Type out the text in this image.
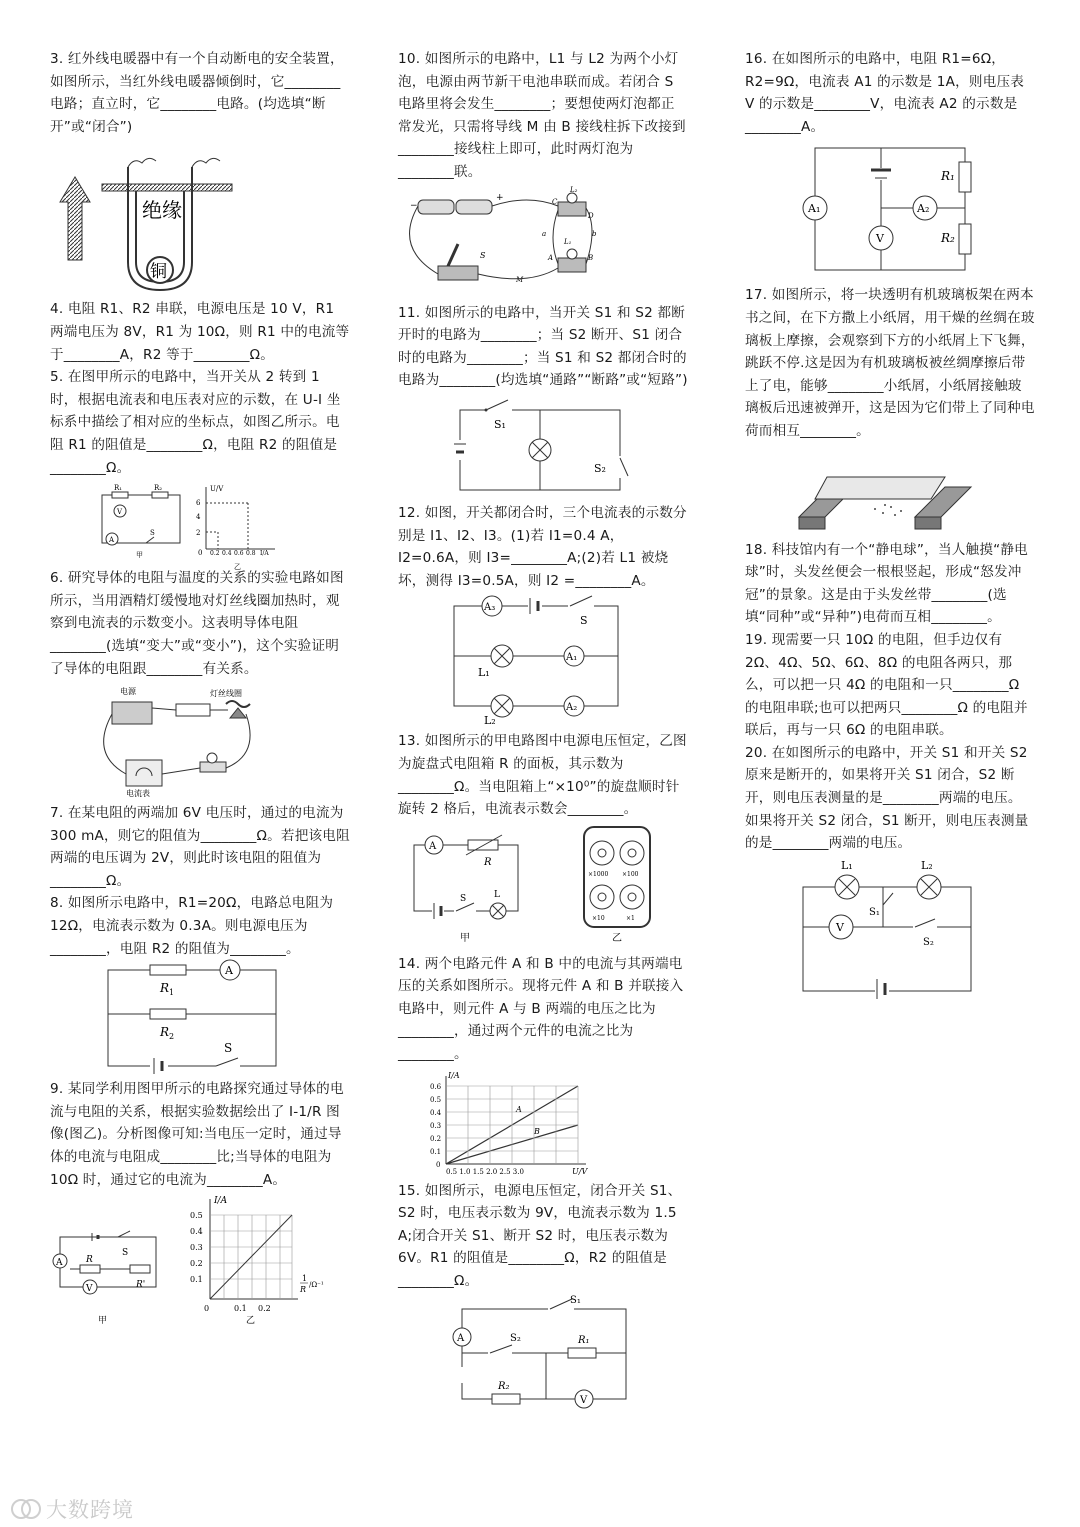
3. 红外线电暖器中有一个自动断电的安全装置，如图所示，当红外线电暖器倾倒时，它________电路；直立时，它________电路。(均选填“断开”或“闭合”)

绝缘
铜

4. 电阻 R1、R2 串联，电源电压是 10 V，R1 两端电压为 8V，R1 为 10Ω，则 R1 中的电流等于________A，R2 等于________Ω。

5. 在图甲所示的电路中，当开关从 2 转到 1 时，根据电流表和电压表对应的示数，在 U-I 坐标系中描绘了相对应的坐标点，如图乙所示。电阻 R1 的阻值是________Ω，电阻 R2 的阻值是________Ω。

R₁	R₂
V
A
S
甲
U/V
6
4
2
0 0.2 0.4 0.6 0.8 I/A
乙

6. 研究导体的电阻与温度的关系的实验电路如图所示，当用酒精灯缓慢地对灯丝线圈加热时，观察到电流表的示数变小。这表明导体电阻________(选填“变大”或“变小”)，这个实验证明了导体的电阻跟________有关系。

电源	灯丝线圈
电流表

7. 在某电阻的两端加 6V 电压时，通过的电流为 300 mA，则它的阻值为________Ω。若把该电阻两端的电压调为 2V，则此时该电阻的阻值为________Ω。

8. 如图所示电路中，R1=20Ω，电路总电阻为 12Ω，电流表示数为 0.3A。则电源电压为________，电阻 R2 的阻值为________。

R 1
A
R 2
S

9. 某同学利用图甲所示的电路探究通过导体的电流与电阻的关系，根据实验数据绘出了 I-1/R 图像(图乙)。分析图像可知:当电压一定时，通过导体的电流与电阻成________比;当导体的电阻为 10Ω 时，通过它的电流为________A。

S
A	R
R'
V
甲
I/A
0.5
0.4
0.3
0.2
0.1
0	0.1 0.2
1
R /Ω⁻¹
乙

10. 如图所示的电路中，L1 与 L2 为两个小灯泡，电源由两节新干电池串联而成。若闭合 S 电路里将会发生________；要想使两灯泡都正常发光，只需将导线 M 由 B 接线柱拆下改接到________接线柱上即可，此时两灯泡为________联。

−
+
L₂
L₁
S
C
D
A	B
a	b
M

11. 如图所示的电路中，当开关 S1 和 S2 都断开时的电路为________；当 S2 断开、S1 闭合时的电路为________；当 S1 和 S2 都闭合时的电路为________(均选填“通路”“断路”或“短路”)

S₁
S₂

12. 如图，开关都闭合时，三个电流表的示数分别是 I1、I2、I3。(1)若 I1=0.4 A，I2=0.6A，则 I3=________A;(2)若 L1 被烧坏，测得 I3=0.5A，则 I2 =________A。

A₃
S
L₁
A₁
L₂
A₂

13. 如图所示的甲电路图中电源电压恒定，乙图为旋盘式电阻箱 R 的面板，其示数为________Ω。当电阻箱上“×10⁰”的旋盘顺时针旋转 2 格后，电流表示数会________。

A
R
S	L
甲
×1000 ×100
×10	×1
乙

14. 两个电路元件 A 和 B 中的电流与其两端电压的关系如图所示。现将元件 A 和 B 并联接入电路中，则元件 A 与 B 两端的电压之比为________，通过两个元件的电流之比为________。

I/A
0.6
0.5
0.4
0.3
0.2
0.1
0
0.5 1.0 1.5 2.0 2.5 3.0	U/V
A
B

15. 如图所示，电源电压恒定，闭合开关 S1、S2 时，电压表示数为 9V，电流表示数为 1.5 A;闭合开关 S1、断开 S2 时，电压表示数为 6V。R1 的阻值是________Ω，R2 的阻值是________Ω。

S₁
A	S₂	R₁
R₂
V

16. 在如图所示的电路中，电阻 R1=6Ω，R2=9Ω，电流表 A1 的示数是 1A，则电压表 V 的示数是________V，电流表 A2 的示数是________A。

A₁	A₂
V
R₁
R₂

17. 如图所示，将一块透明有机玻璃板架在两本书之间，在下方撒上小纸屑，用干燥的丝绸在玻璃板上摩擦，会观察到下方的小纸屑上下飞舞，跳跃不停.这是因为有机玻璃板被丝绸摩擦后带上了电，能够________小纸屑，小纸屑接触玻璃板后迅速被弹开，这是因为它们带上了同种电荷而相互________。

18. 科技馆内有一个“静电球”，当人触摸“静电球”时，头发丝便会一根根竖起，形成“怒发冲冠”的景象。这是由于头发丝带________(选填“同种”或“异种”)电荷而互相________。

19. 现需要一只 10Ω 的电阻，但手边仅有 2Ω、4Ω、5Ω、6Ω、8Ω 的电阻各两只，那么，可以把一只 4Ω 的电阻和一只________Ω 的电阻串联;也可以把两只________Ω 的电阻并联后，再与一只 6Ω 的电阻串联。

20. 在如图所示的电路中，开关 S1 和开关 S2 原来是断开的，如果将开关 S1 闭合，S2 断开，则电压表测量的是________两端的电压。如果将开关 S2 闭合，S1 断开，则电压表测量的是________两端的电压。

L₁	L₂
S₁
V
S₂
大数跨境
